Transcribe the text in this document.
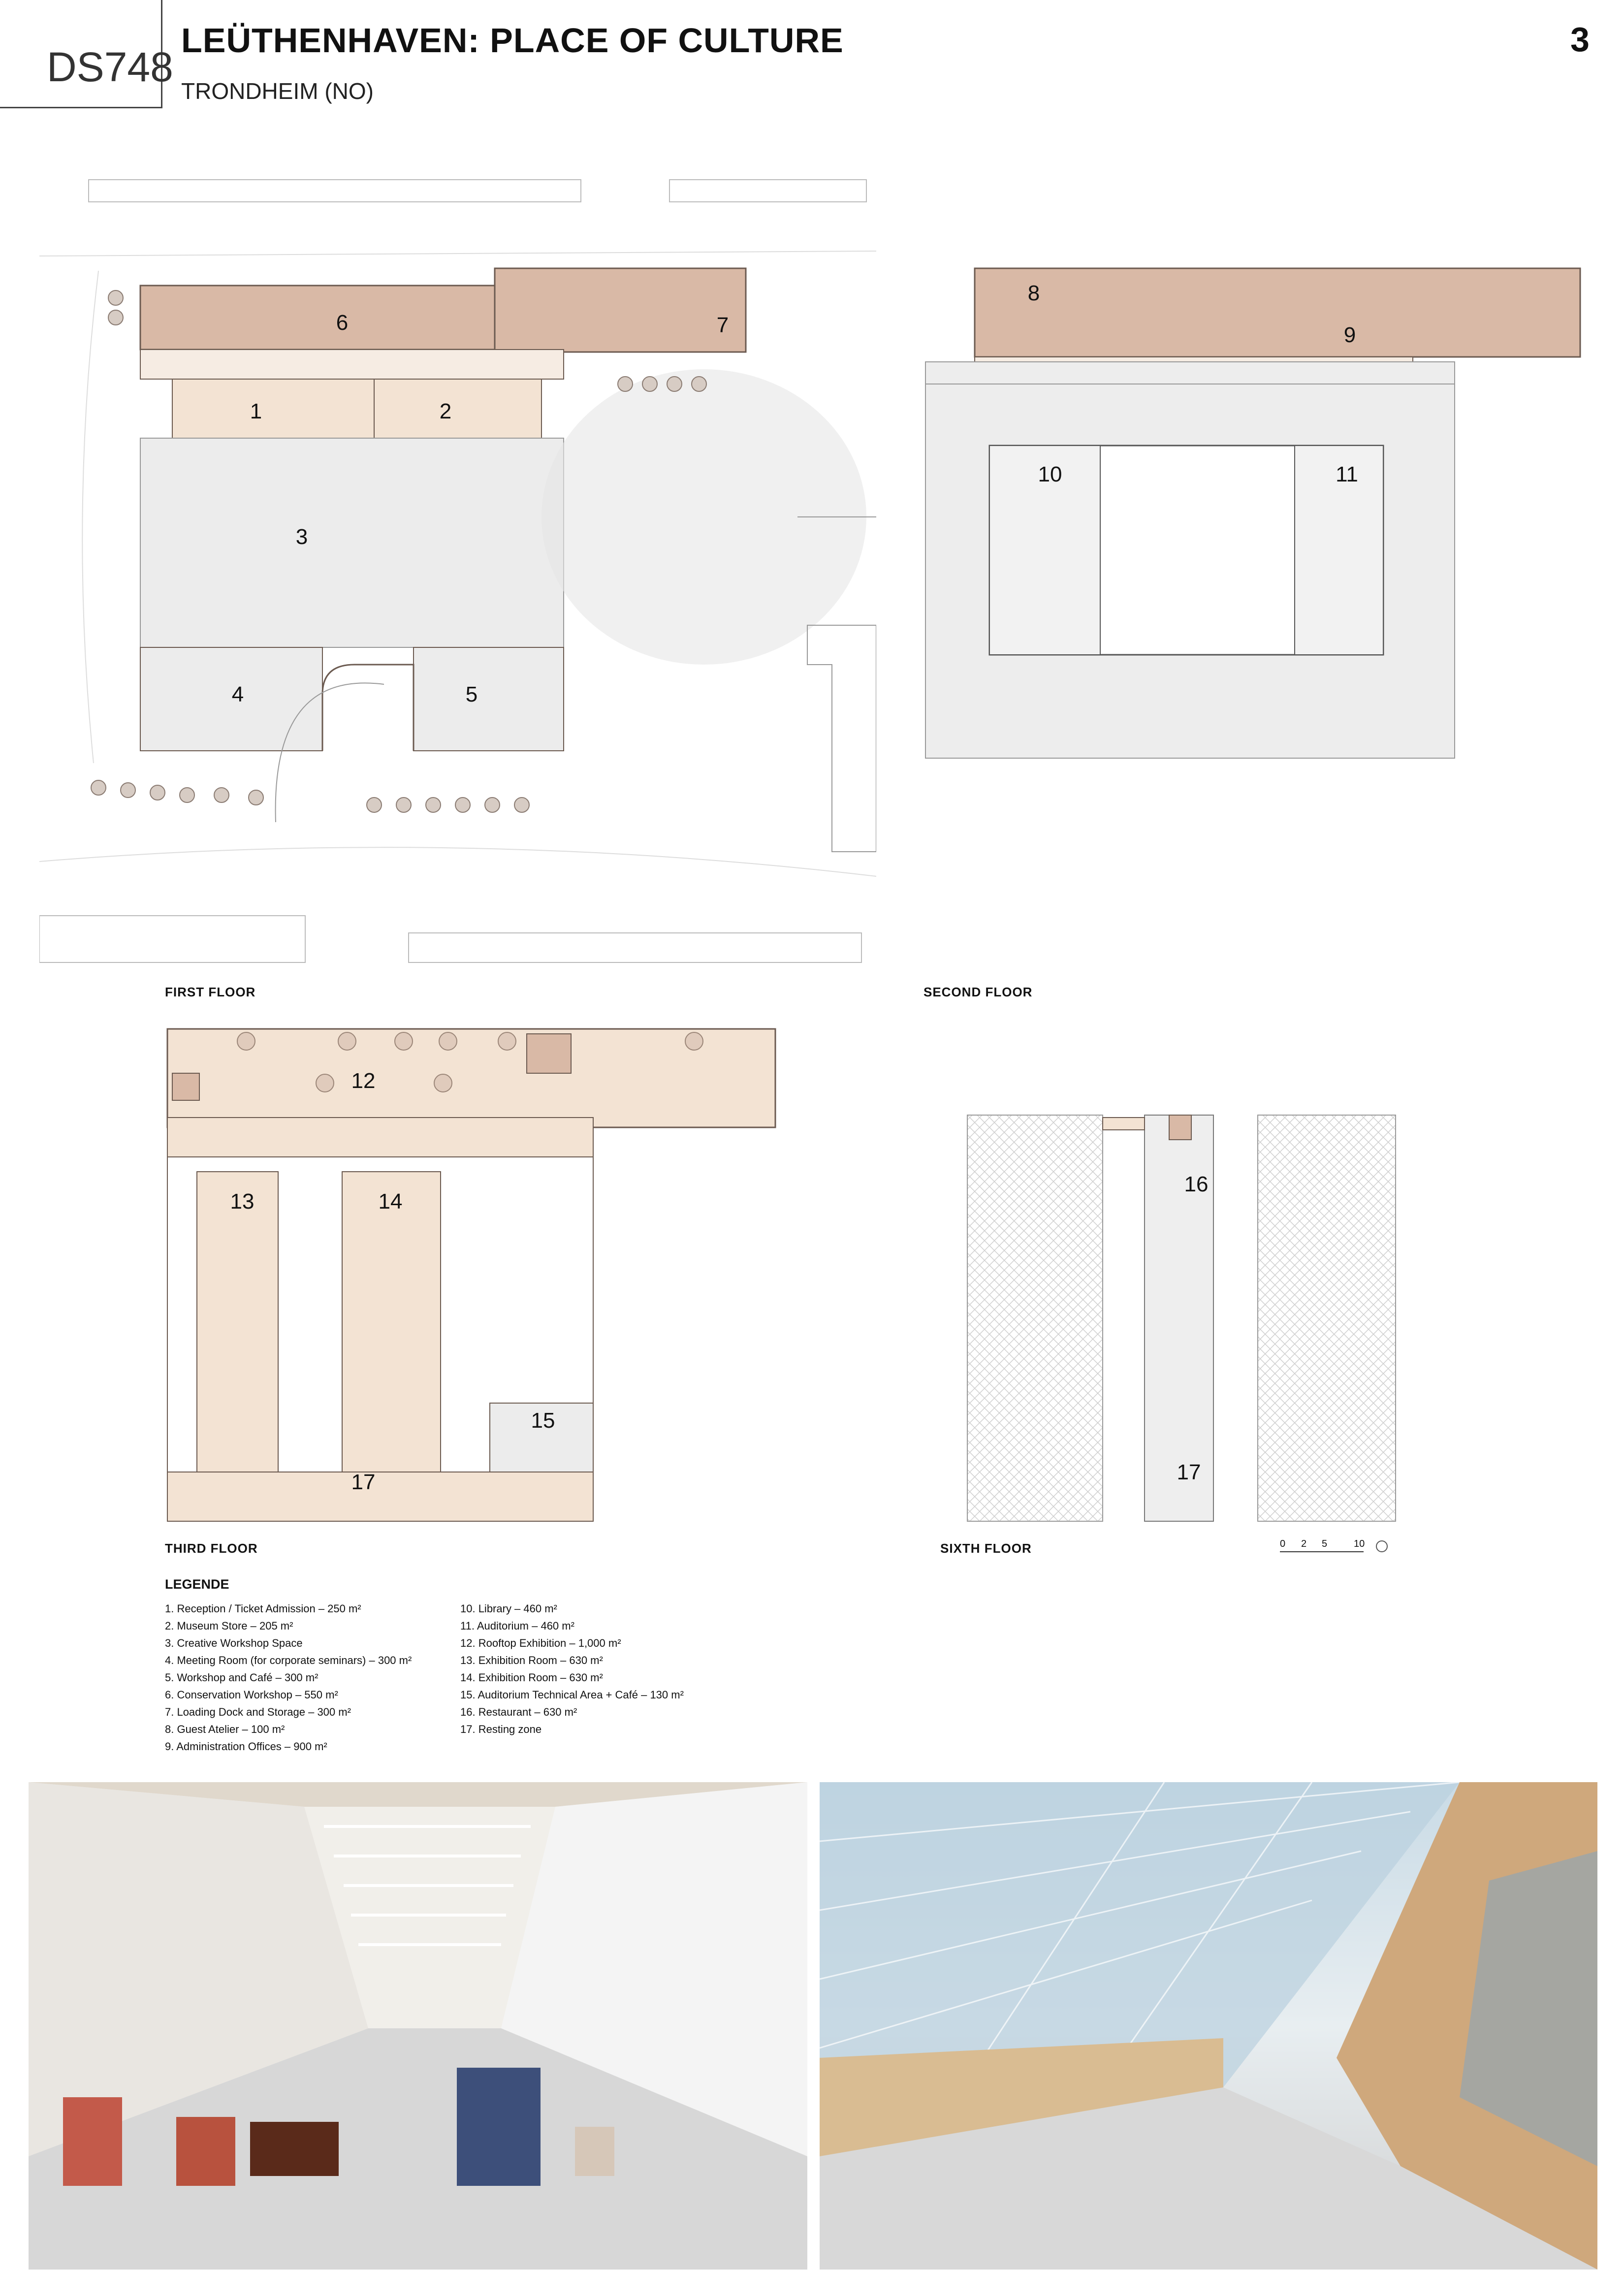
DS748
LEÜTHENHAVEN: PLACE OF CULTURE
TRONDHEIM (NO)
3
6	7
1	2
3
4	5
FIRST FLOOR
8
9
10	11
SECOND FLOOR
12
13	14
15
17
THIRD FLOOR
16
17
SIXTH FLOOR	0 2 5	10
LEGENDE
1. Reception / Ticket Admission – 250 m²
2. Museum Store – 205 m²
3. Creative Workshop Space
4. Meeting Room (for corporate seminars) – 300 m²
5. Workshop and Café – 300 m²
6. Conservation Workshop – 550 m²
7. Loading Dock and Storage – 300 m²
8. Guest Atelier – 100 m²
9. Administration Offices – 900 m²
10. Library – 460 m²
11. Auditorium – 460 m²
12. Rooftop Exhibition – 1,000 m²
13. Exhibition Room – 630 m²
14. Exhibition Room – 630 m²
15. Auditorium Technical Area + Café – 130 m²
16. Restaurant – 630 m²
17. Resting zone
